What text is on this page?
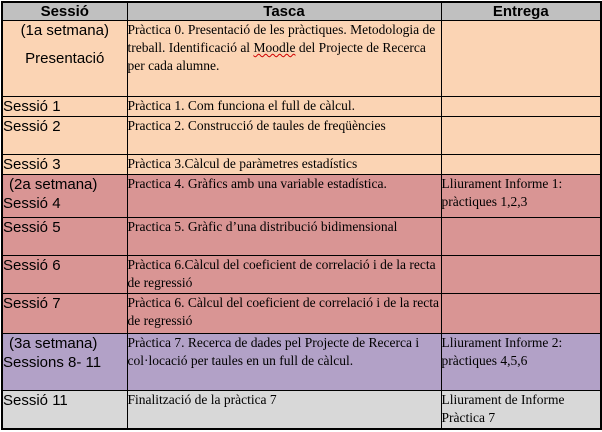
Sessió	Tasca	Entrega
(1a setmana)

Presentació	Pràctica 0. Presentació de les pràctiques. Metodologia de treball. Identificació al Moodle del Projecte de Recerca per cada alumne.	
Sessió 1	Pràctica 1. Com funciona el full de càlcul.	
Sessió 2	Practica 2. Construcció de taules de freqüències	
Sessió 3	Pràctica 3.Càlcul de paràmetres estadístics	
(2a setmana)
Sessió 4	Practica 4. Gràfics amb una variable estadística.	Lliurament Informe 1: pràctiques 1,2,3
Sessió 5	Practica 5. Gràfic d’una distribució bidimensional	
Sessió 6	Pràctica 6.Càlcul del coeficient de correlació i de la recta de regressió	
Sessió 7	Pràctica 6. Càlcul del coeficient de correlació i de la recta de regressió	
(3a setmana)
Sessions 8- 11	Pràctica 7. Recerca de dades pel Projecte de Recerca i col·locació per taules en un full de càlcul.	Lliurament Informe 2: pràctiques 4,5,6
Sessió 11	Finalització de la pràctica 7	Lliurament de Informe Pràctica 7
